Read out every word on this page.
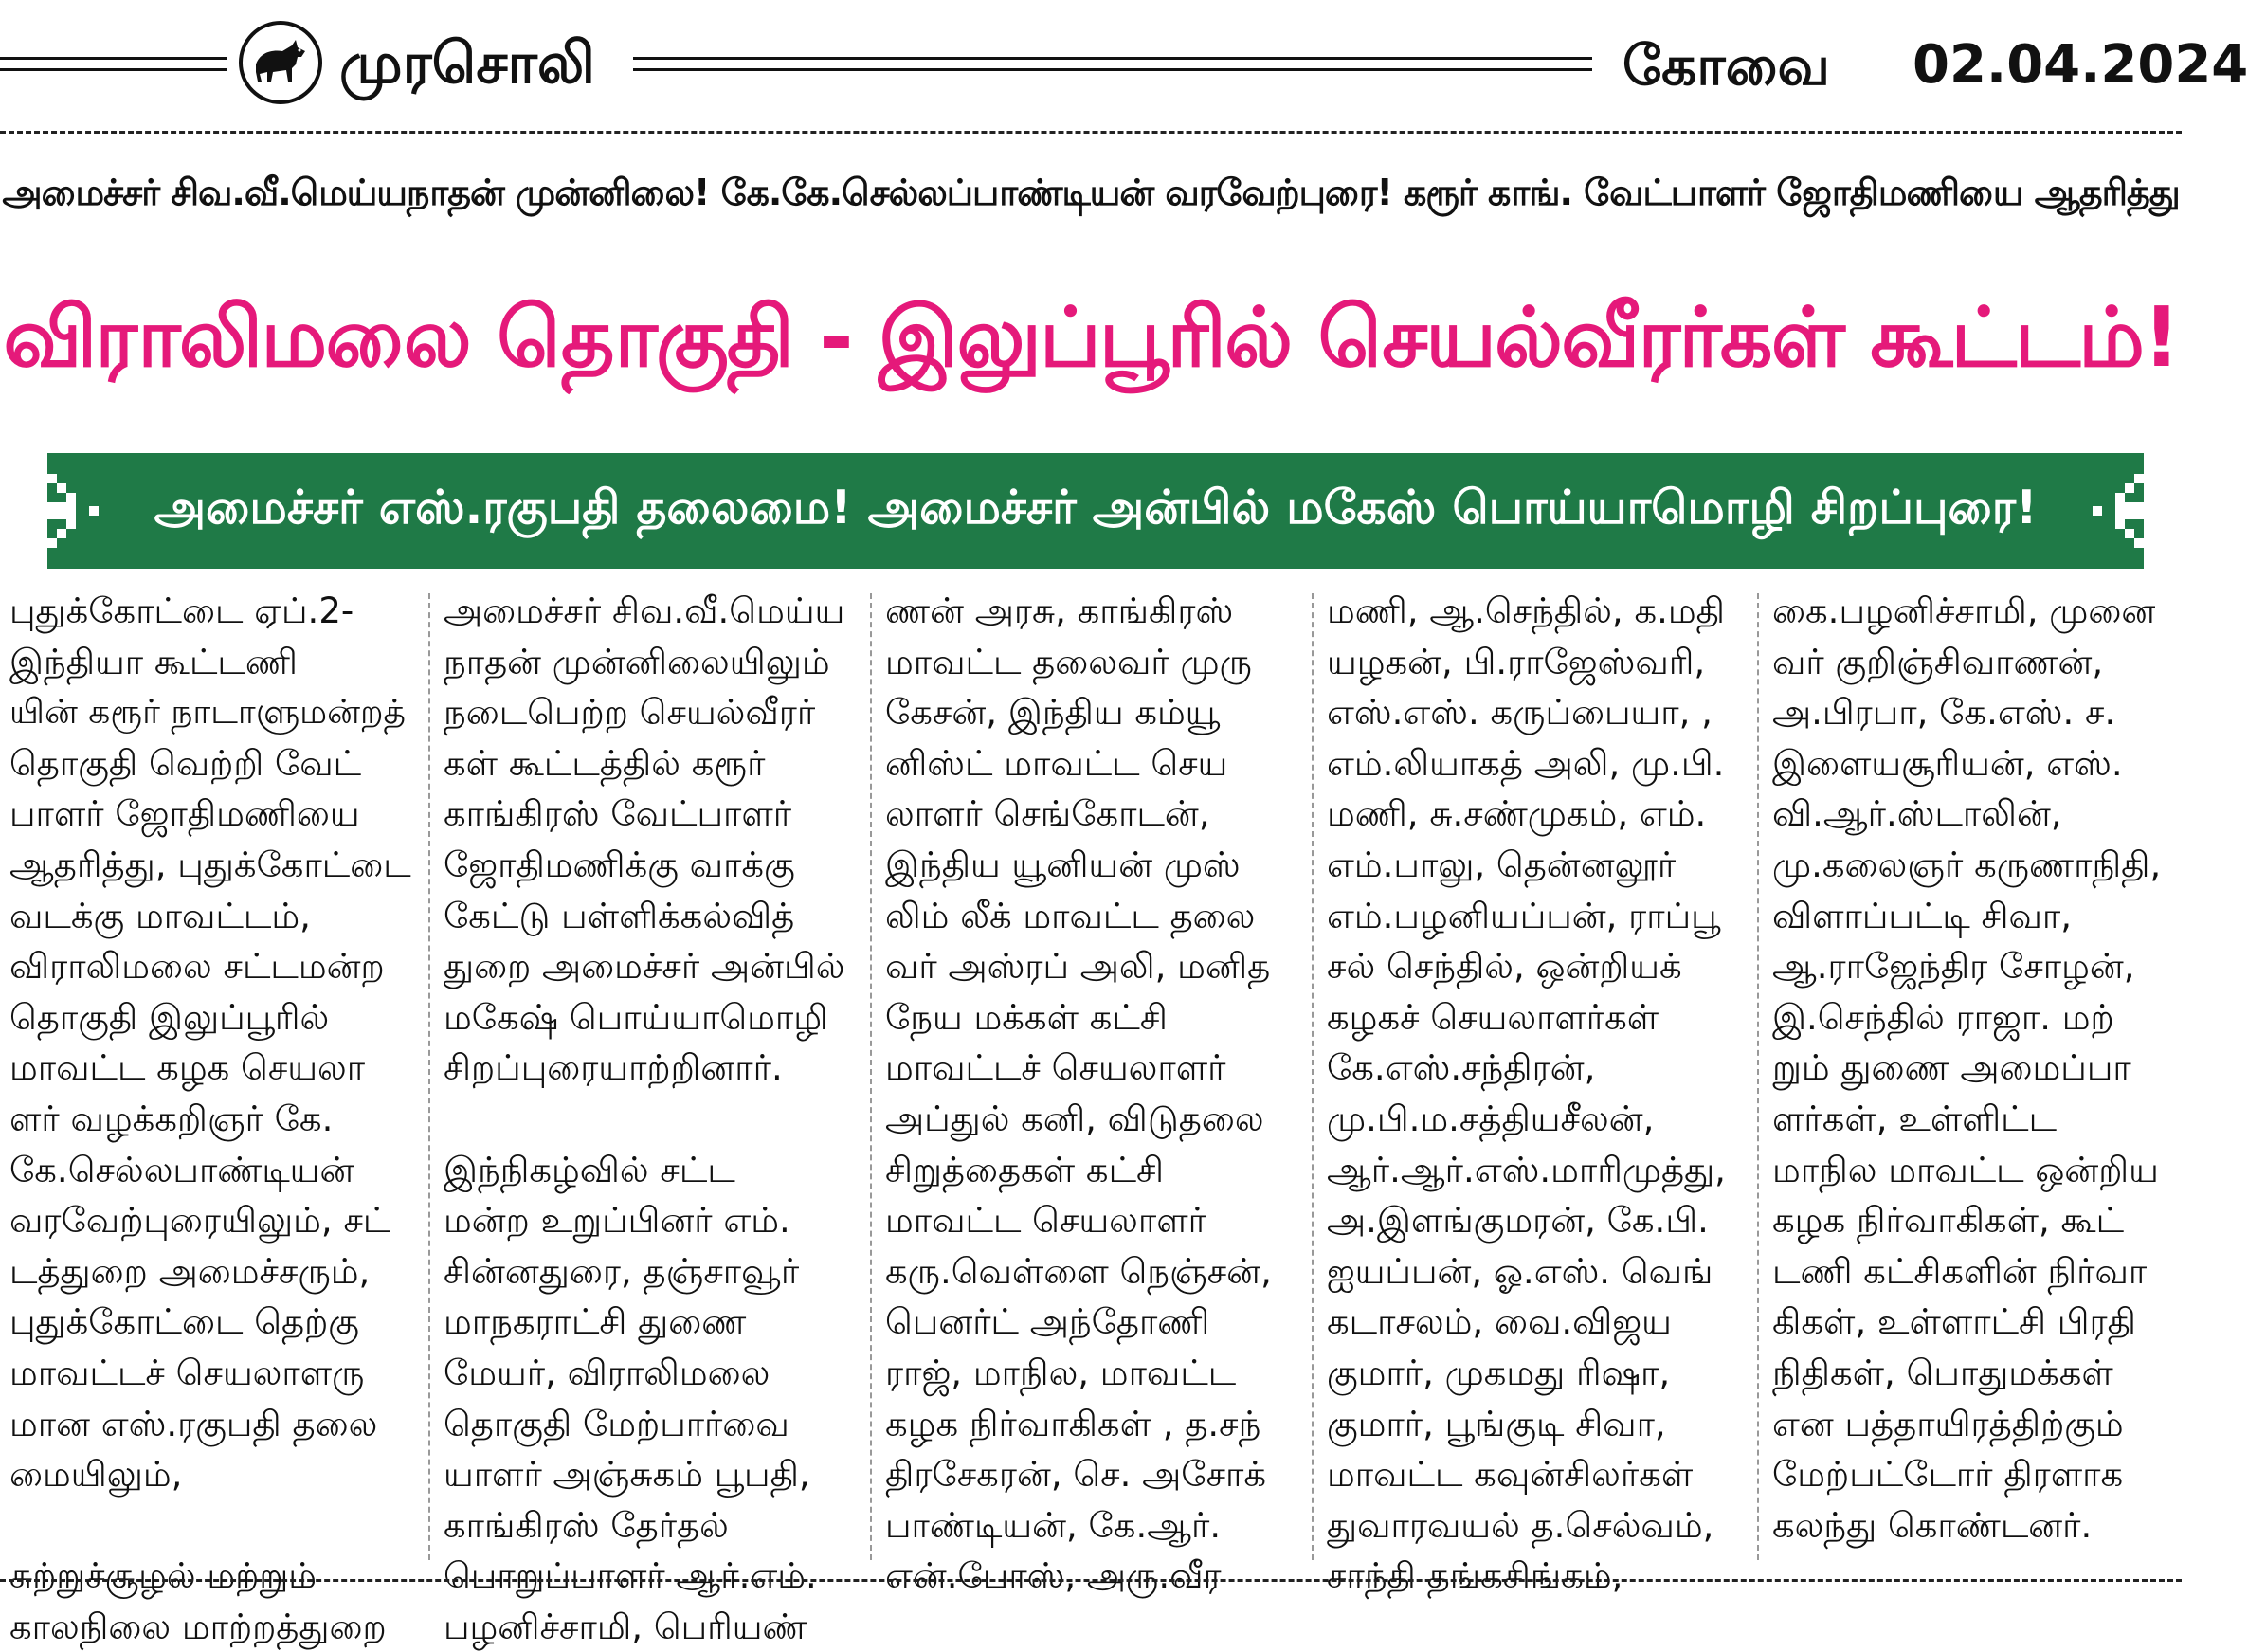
முரசொலி	கோவை 02.04.2024
அமைச்சர் சிவ.வீ.மெய்யநாதன் முன்னிலை! கே.கே.செல்லப்பாண்டியன் வரவேற்புரை! கரூர் காங். வேட்பாளர் ஜோதிமணியை ஆதரித்து
விராலிமலை தொகுதி - இலுப்பூரில் செயல்வீரர்கள் கூட்டம்!
அமைச்சர் எஸ்.ரகுபதி தலைமை! அமைச்சர் அன்பில் மகேஸ் பொய்யாமொழி சிறப்புரை!
புதுக்கோட்டை ஏப்.2-
இந்தியா கூட்டணி
யின் கரூர் நாடாளுமன்றத்
தொகுதி வெற்றி வேட்
பாளர் ஜோதிமணியை
ஆதரித்து, புதுக்கோட்டை
வடக்கு மாவட்டம்,
விராலிமலை சட்டமன்ற
தொகுதி இலுப்பூரில்
மாவட்ட கழக செயலா
ளர் வழக்கறிஞர் கே.
கே.செல்லபாண்டியன்
வரவேற்புரையிலும், சட்
டத்துறை அமைச்சரும்,
புதுக்கோட்டை தெற்கு
மாவட்டச் செயலாளரு
மான எஸ்.ரகுபதி தலை
மையிலும்,
சுற்றுச்சூழல் மற்றும்
காலநிலை மாற்றத்துறை
அமைச்சர் சிவ.வீ.மெய்ய
நாதன் முன்னிலையிலும்
நடைபெற்ற செயல்வீரர்
கள் கூட்டத்தில் கரூர்
காங்கிரஸ் வேட்பாளர்
ஜோதிமணிக்கு வாக்கு
கேட்டு பள்ளிக்கல்வித்
துறை அமைச்சர் அன்பில்
மகேஷ் பொய்யாமொழி
சிறப்புரையாற்றினார்.
இந்நிகழ்வில் சட்ட
மன்ற உறுப்பினர் எம்.
சின்னதுரை, தஞ்சாவூர்
மாநகராட்சி துணை
மேயர், விராலிமலை
தொகுதி மேற்பார்வை
யாளர் அஞ்சுகம் பூபதி,
காங்கிரஸ் தேர்தல்
பொறுப்பாளர் ஆர்.எம்.
பழனிச்சாமி, பெரியண்
ணன் அரசு, காங்கிரஸ்
மாவட்ட தலைவர் முரு
கேசன், இந்திய கம்யூ
னிஸ்ட் மாவட்ட செய
லாளர் செங்கோடன்,
இந்திய யூனியன் முஸ்
லிம் லீக் மாவட்ட தலை
வர் அஸ்ரப் அலி, மனித
நேய மக்கள் கட்சி
மாவட்டச் செயலாளர்
அப்துல் கனி, விடுதலை
சிறுத்தைகள் கட்சி
மாவட்ட செயலாளர்
கரு.வெள்ளை நெஞ்சன்,
பெனர்ட் அந்தோணி
ராஜ், மாநில, மாவட்ட
கழக நிர்வாகிகள் , த.சந்
திரசேகரன், செ. அசோக்
பாண்டியன், கே.ஆர்.
என்.போஸ், அரு.வீர
மணி, ஆ.செந்தில், க.மதி
யழகன், பி.ராஜேஸ்வரி,
எஸ்.எஸ். கருப்பையா, ,
எம்.லியாகத் அலி, மு.பி.
மணி, சு.சண்முகம், எம்.
எம்.பாலு, தென்னலூர்
எம்.பழனியப்பன், ராப்பூ
சல் செந்தில், ஒன்றியக்
கழகச் செயலாளர்கள்
கே.எஸ்.சந்திரன்,
மு.பி.ம.சத்தியசீலன்,
ஆர்.ஆர்.எஸ்.மாரிமுத்து,
அ.இளங்குமரன், கே.பி.
ஐயப்பன், ஓ.எஸ். வெங்
கடாசலம், வை.விஜய
குமார், முகமது ரிஷா,
குமார், பூங்குடி சிவா,
மாவட்ட கவுன்சிலர்கள்
துவாரவயல் த.செல்வம்,
சாந்தி தங்கசிங்கம்,
கை.பழனிச்சாமி, முனை
வர் குறிஞ்சிவாணன்,
அ.பிரபா, கே.எஸ். ச.
இளையசூரியன், எஸ்.
வி.ஆர்.ஸ்டாலின்,
மு.கலைஞர் கருணாநிதி,
விளாப்பட்டி சிவா,
ஆ.ராஜேந்திர சோழன்,
இ.செந்தில் ராஜா. மற்
றும் துணை அமைப்பா
ளர்கள், உள்ளிட்ட
மாநில மாவட்ட ஒன்றிய
கழக நிர்வாகிகள், கூட்
டணி கட்சிகளின் நிர்வா
கிகள், உள்ளாட்சி பிரதி
நிதிகள், பொதுமக்கள்
என பத்தாயிரத்திற்கும்
மேற்பட்டோர் திரளாக
கலந்து கொண்டனர்.
